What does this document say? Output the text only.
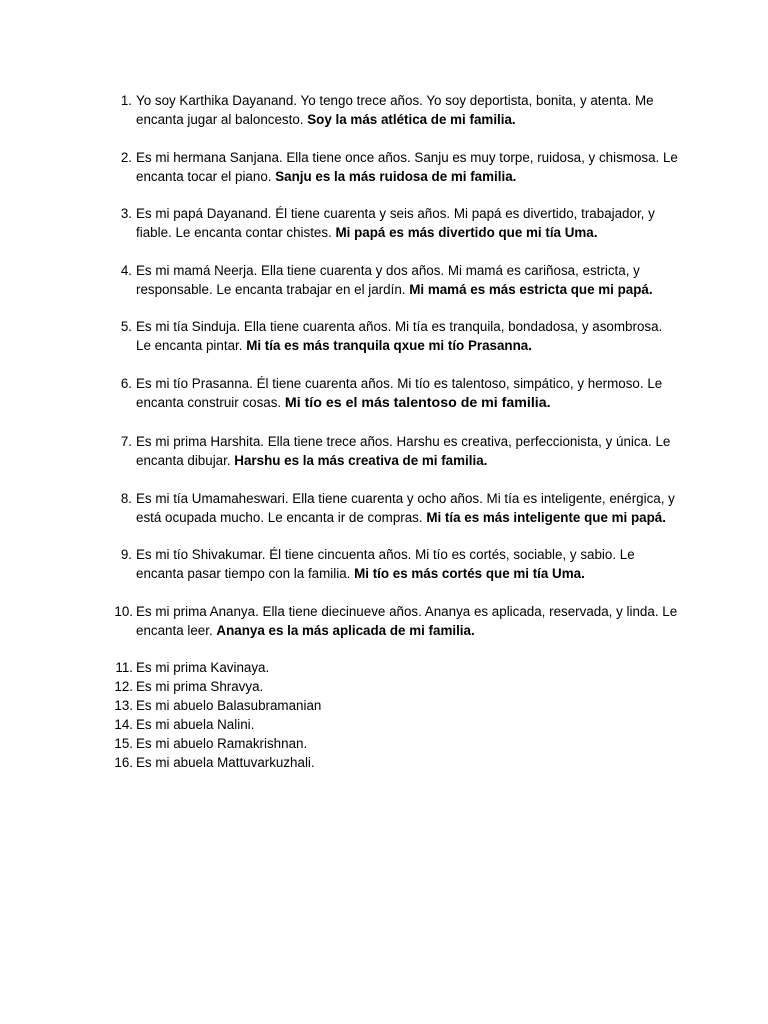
1. Yo soy Karthika Dayanand. Yo tengo trece años. Yo soy deportista, bonita, y atenta. Me encanta jugar al baloncesto. Soy la más atlética de mi familia.
2. Es mi hermana Sanjana. Ella tiene once años. Sanju es muy torpe, ruidosa, y chismosa. Le encanta tocar el piano. Sanju es la más ruidosa de mi familia.
3. Es mi papá Dayanand. Él tiene cuarenta y seis años. Mi papá es divertido, trabajador, y fiable. Le encanta contar chistes. Mi papá es más divertido que mi tía Uma.
4. Es mi mamá Neerja. Ella tiene cuarenta y dos años. Mi mamá es cariñosa, estricta, y responsable. Le encanta trabajar en el jardín. Mi mamá es más estricta que mi papá.
5. Es mi tía Sinduja. Ella tiene cuarenta años. Mi tía es tranquila, bondadosa, y asombrosa. Le encanta pintar. Mi tía es más tranquila qxue mi tío Prasanna.
6. Es mi tío Prasanna. Él tiene cuarenta años. Mi tío es talentoso, simpático, y hermoso. Le encanta construir cosas. Mi tío es el más talentoso de mi familia.
7. Es mi prima Harshita. Ella tiene trece años. Harshu es creativa, perfeccionista, y única. Le encanta dibujar. Harshu es la más creativa de mi familia.
8. Es mi tía Umamaheswari. Ella tiene cuarenta y ocho años. Mi tía es inteligente, enérgica, y está ocupada mucho. Le encanta ir de compras. Mi tía es más inteligente que mi papá.
9. Es mi tío Shivakumar. Él tiene cincuenta años. Mi tío es cortés, sociable, y sabio. Le encanta pasar tiempo con la familia. Mi tío es más cortés que mi tía Uma.
10. Es mi prima Ananya. Ella tiene diecinueve años. Ananya es aplicada, reservada, y linda. Le encanta leer. Ananya es la más aplicada de mi familia.
11. Es mi prima Kavinaya.
12. Es mi prima Shravya.
13. Es mi abuelo Balasubramanian
14. Es mi abuela Nalini.
15. Es mi abuelo Ramakrishnan.
16. Es mi abuela Mattuvarkuzhali.
